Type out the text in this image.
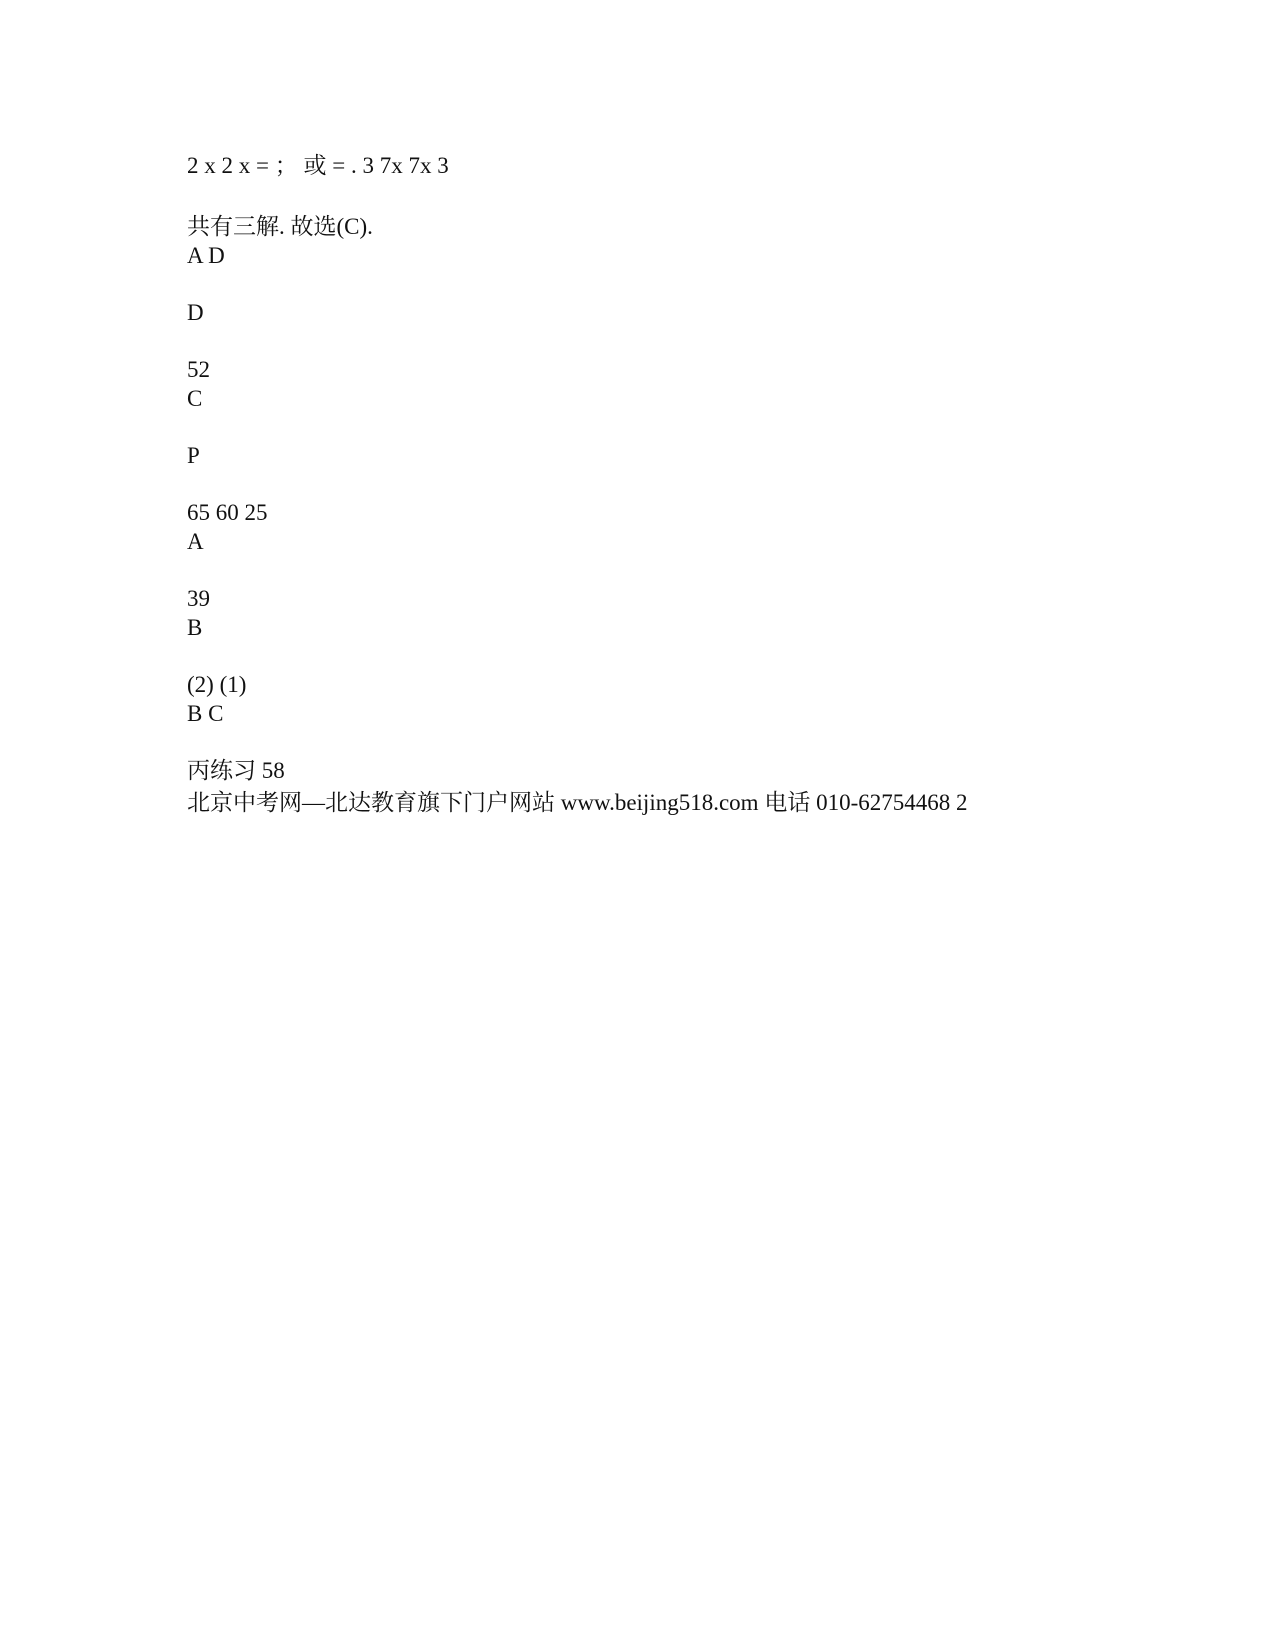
2 x 2 x = ； 或 = . 3 7x 7x 3
共有三解. 故选(C).
A D
D
52
C
P
65 60 25
A
39
B
(2) (1)
B C
丙练习 58
北京中考网—北达教育旗下门户网站 www.beijing518.com 电话 010-62754468 2
